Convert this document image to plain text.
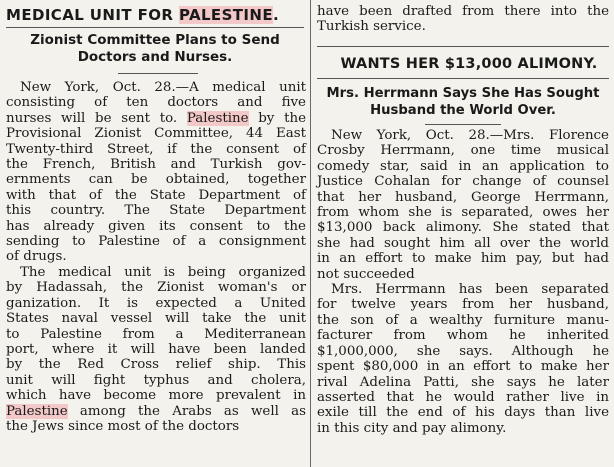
MEDICAL UNIT FOR PALESTINE.
Zionist Committee Plans to Send
Doctors and Nurses.
New York, Oct. 28.—A medical unit
consisting of ten doctors and five
nurses will be sent to. Palestine by the
Provisional Zionist Committee, 44 East
Twenty-third Street, if the consent of
the French, British and Turkish gov-
ernments can be obtained, together
with that of the State Department of
this country. The State Department
has already given its consent to the
sending to Palestine of a consignment
of drugs.
The medical unit is being organized
by Hadassah, the Zionist woman's or
ganization. It is expected a United
States naval vessel will take the unit
to Palestine from a Mediterranean
port, where it will have been landed
by the Red Cross relief ship. This
unit will fight typhus and cholera,
which have become more prevalent in
Palestine among the Arabs as well as
the Jews since most of the doctors
have been drafted from there into the
Turkish service.
WANTS HER $13,000 ALIMONY.
Mrs. Herrmann Says She Has Sought
Husband the World Over.
New York, Oct. 28.—Mrs. Florence
Crosby Herrmann, one time musical
comedy star, said in an application to
Justice Cohalan for change of counsel
that her husband, George Herrmann,
from whom she is separated, owes her
$13,000 back alimony. She stated that
she had sought him all over the world
in an effort to make him pay, but had
not succeeded
Mrs. Herrmann has been separated
for twelve years from her husband,
the son of a wealthy furniture manu-
facturer from whom he inherited
$1,000,000, she says. Although he
spent $80,000 in an effort to make her
rival Adelina Patti, she says he later
asserted that he would rather live in
exile till the end of his days than live
in this city and pay alimony.
